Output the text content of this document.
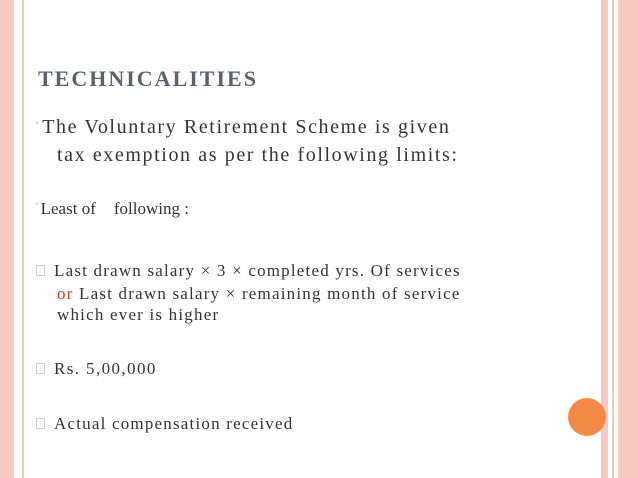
TECHNICALITIES
′ The Voluntary Retirement Scheme is given
tax exemption as per the following limits:
′ Least of following :
Last drawn salary × 3 × completed yrs. Of services
or Last drawn salary × remaining month of service
which ever is higher
Rs. 5,00,000
Actual compensation received
